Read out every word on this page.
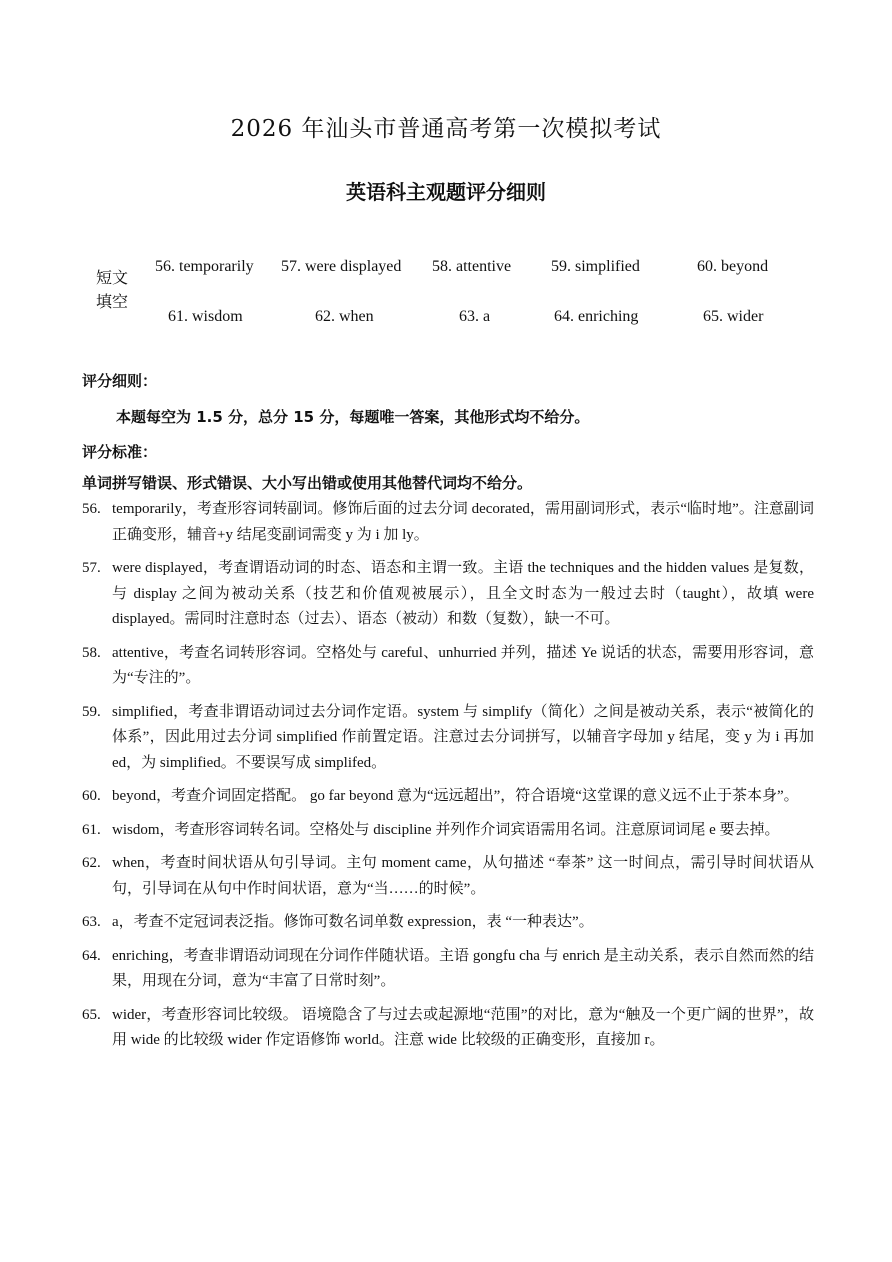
2026 年汕头市普通高考第一次模拟考试
英语科主观题评分细则
短文填空
56. temporarily 57. were displayed 58. attentive 59. simplified	60. beyond
61. wisdom	62. when	63. a	64. enriching	65. wider
评分细则：
本题每空为 1.5 分，总分 15 分，每题唯一答案，其他形式均不给分。
评分标准：
单词拼写错误、形式错误、大小写出错或使用其他替代词均不给分。
56. temporarily，考查形容词转副词。修饰后面的过去分词 decorated，需用副词形式，表示“临时地”。注意副词正确变形，辅音+y 结尾变副词需变 y 为 i 加 ly。
57. were displayed，考查谓语动词的时态、语态和主谓一致。主语 the techniques and the hidden values 是复数，与 display 之间为被动关系（技艺和价值观被展示），且全文时态为一般过去时（taught），故填 were displayed。需同时注意时态（过去）、语态（被动）和数（复数），缺一不可。
58. attentive，考查名词转形容词。空格处与 careful、unhurried 并列，描述 Ye 说话的状态，需要用形容词，意为“专注的”。
59. simplified，考查非谓语动词过去分词作定语。system 与 simplify（简化）之间是被动关系，表示“被简化的体系”，因此用过去分词 simplified 作前置定语。注意过去分词拼写，以辅音字母加 y 结尾，变 y 为 i 再加 ed，为 simplified。不要误写成 simplifed。
60. beyond，考查介词固定搭配。 go far beyond 意为“远远超出”，符合语境“这堂课的意义远不止于茶本身”。
61. wisdom，考查形容词转名词。空格处与 discipline 并列作介词宾语需用名词。注意原词词尾 e 要去掉。
62. when，考查时间状语从句引导词。主句 moment came，从句描述 “奉茶” 这一时间点，需引导时间状语从句，引导词在从句中作时间状语，意为“当……的时候”。
63. a，考查不定冠词表泛指。修饰可数名词单数 expression，表 “一种表达”。
64. enriching，考查非谓语动词现在分词作伴随状语。主语 gongfu cha 与 enrich 是主动关系，表示自然而然的结果，用现在分词，意为“丰富了日常时刻”。
65. wider，考查形容词比较级。 语境隐含了与过去或起源地“范围”的对比，意为“触及一个更广阔的世界”，故用 wide 的比较级 wider 作定语修饰 world。注意 wide 比较级的正确变形，直接加 r。
